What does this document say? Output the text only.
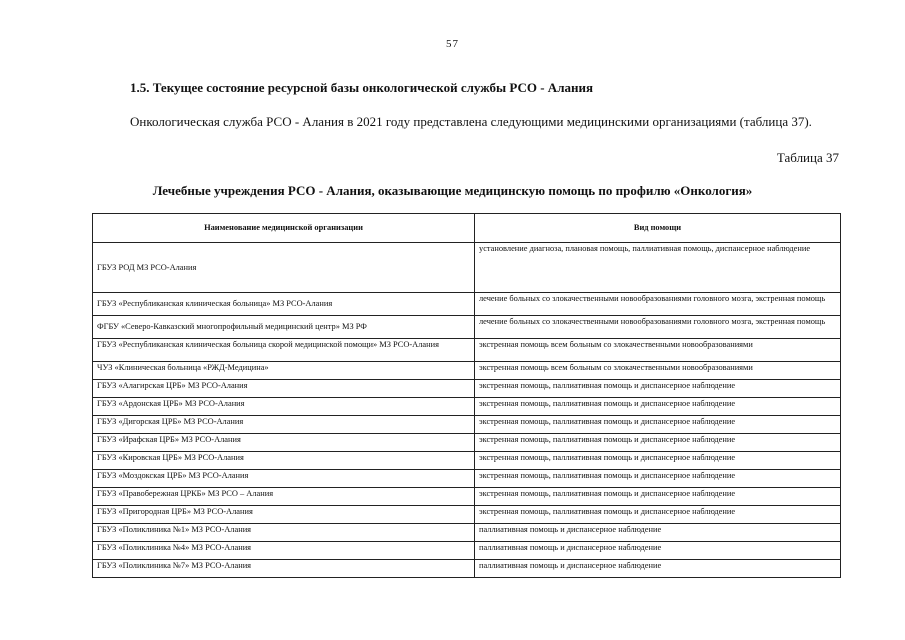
57
1.5. Текущее состояние ресурсной базы онкологической службы РСО - Алания
Онкологическая служба РСО - Алания в 2021 году представлена следующими медицинскими организациями (таблица 37).
Таблица 37
Лечебные учреждения РСО - Алания, оказывающие медицинскую помощь по профилю «Онкология»
Наименование медицинской организации	Вид помощи
ГБУЗ РОД МЗ РСО-Алания	установление диагноза, плановая помощь, паллиативная помощь, диспансерное наблюдение
ГБУЗ «Республиканская клиническая больница» МЗ РСО-Алания	лечение больных со злокачественными новообразованиями головного мозга, экстренная помощь
ФГБУ «Северо-Кавказский многопрофильный медицинский центр» МЗ РФ	лечение больных со злокачественными новообразованиями головного мозга, экстренная помощь
ГБУЗ «Республиканская клиническая больница скорой медицинской помощи» МЗ РСО-Алания	экстренная помощь всем больным со злокачественными новообразованиями
ЧУЗ «Клиническая больница «РЖД-Медицина»	экстренная помощь всем больным со злокачественными новообразованиями
ГБУЗ «Алагирская ЦРБ» МЗ РСО-Алания	экстренная помощь, паллиативная помощь и диспансерное наблюдение
ГБУЗ «Ардонская ЦРБ» МЗ РСО-Алания	экстренная помощь, паллиативная помощь и диспансерное наблюдение
ГБУЗ «Дигорская ЦРБ» МЗ РСО-Алания	экстренная помощь, паллиативная помощь и диспансерное наблюдение
ГБУЗ «Ирафская ЦРБ» МЗ РСО-Алания	экстренная помощь, паллиативная помощь и диспансерное наблюдение
ГБУЗ «Кировская ЦРБ» МЗ РСО-Алания	экстренная помощь, паллиативная помощь и диспансерное наблюдение
ГБУЗ «Моздокская ЦРБ» МЗ РСО-Алания	экстренная помощь, паллиативная помощь и диспансерное наблюдение
ГБУЗ «Правобережная ЦРКБ» МЗ РСО – Алания	экстренная помощь, паллиативная помощь и диспансерное наблюдение
ГБУЗ «Пригородная ЦРБ» МЗ РСО-Алания	экстренная помощь, паллиативная помощь и диспансерное наблюдение
ГБУЗ «Поликлиника №1» МЗ РСО-Алания	паллиативная помощь и диспансерное наблюдение
ГБУЗ «Поликлиника №4» МЗ РСО-Алания	паллиативная помощь и диспансерное наблюдение
ГБУЗ «Поликлиника №7» МЗ РСО-Алания	паллиативная помощь и диспансерное наблюдение
